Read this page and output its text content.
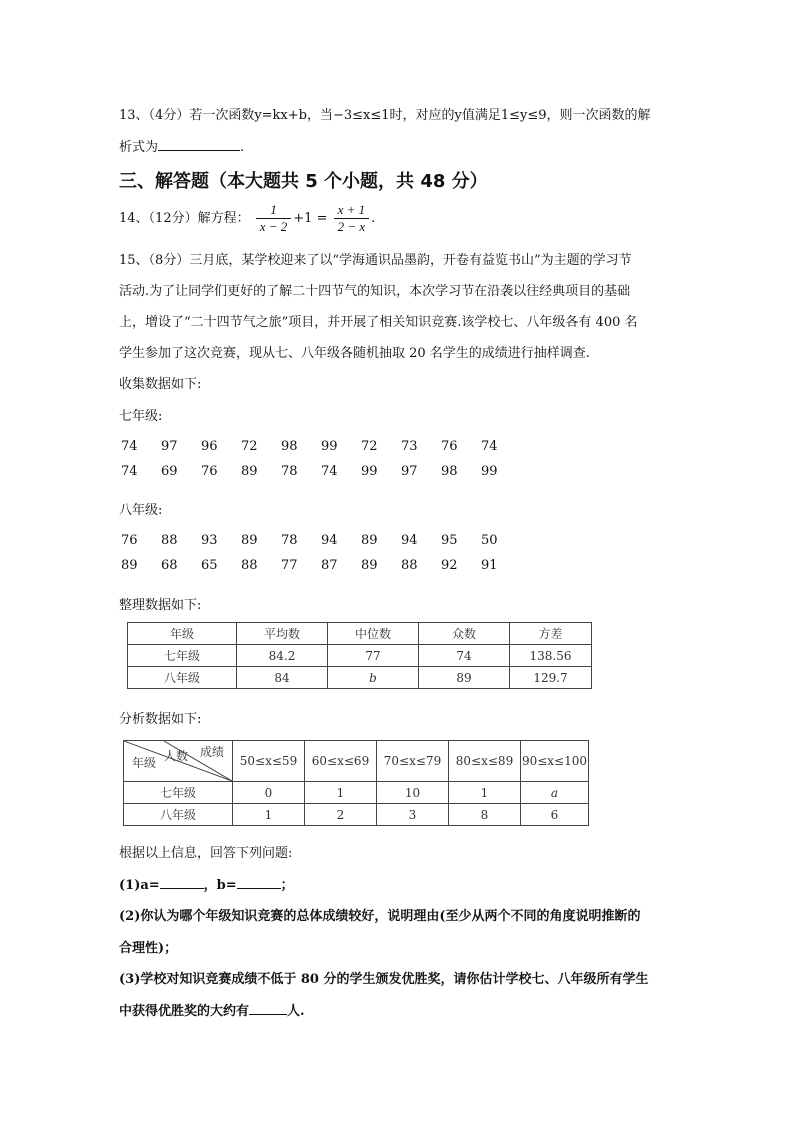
13、（4分）若一次函数y=kx+b，当−3≤x≤1时，对应的y值满足1≤y≤9，则一次函数的解
析式为	.
三、解答题（本大题共 5 个小题，共 48 分）
14、（12分）解方程： $\frac{1}{x - 2} +1 = \frac{x + 1}{2 - x}$ .
15、（8分）三月底，某学校迎来了以“学海通识品墨韵，开卷有益览书山”为主题的学习节
活动.为了让同学们更好的了解二十四节气的知识，本次学习节在沿袭以往经典项目的基础
上，增设了“二十四节气之旅”项目，并开展了相关知识竞赛.该学校七、八年级各有 400 名
学生参加了这次竞赛，现从七、八年级各随机抽取 20 名学生的成绩进行抽样调查.
收集数据如下:
七年级:
74	97	96	72	98	99	72	73	76	74
74	69	76	89	78	74	99	97	98	99
八年级:
76	88	93	89	78	94	89	94	95	50
89	68	65	88	77	87	89	88	92	91
整理数据如下:
年级	平均数	中位数	众数	方差
七年级	84.2	77	74	138.56
八年级	84	b	89	129.7
分析数据如下:
年级 人数 成绩	50≤x≤59	60≤x≤69	70≤x≤79	80≤x≤89	90≤x≤100
七年级	0	1	10	1	a
八年级	1	2	3	8	6
根据以上信息，回答下列问题:
(1)a=	，b=	；
(2)你认为哪个年级知识竞赛的总体成绩较好，说明理由(至少从两个不同的角度说明推断的
合理性)；
(3)学校对知识竞赛成绩不低于 80 分的学生颁发优胜奖，请你估计学校七、八年级所有学生
中获得优胜奖的大约有	人.
